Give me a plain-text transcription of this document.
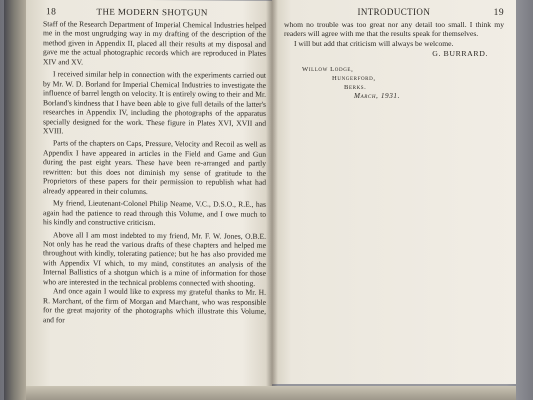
18	THE MODERN SHOTGUN

Staff of the Research Department of Imperial Chemical Industries helped me in the most ungrudging way in my drafting of the description of the method given in Appendix II, placed all their results at my disposal and gave me the actual photographic records which are reproduced in Plates XIV and XV.

I received similar help in connection with the experiments carried out by Mr. W. D. Borland for Imperial Chemical Industries to investigate the influence of barrel length on velocity. It is entirely owing to their and Mr. Borland's kindness that I have been able to give full details of the latter's researches in Appendix IV, including the photographs of the apparatus specially designed for the work. These figure in Plates XVI, XVII and XVIII.

Parts of the chapters on Caps, Pressure, Velocity and Recoil as well as Appendix I have appeared in articles in the Field and Game and Gun during the past eight years. These have been re-arranged and partly rewritten: but this does not diminish my sense of gratitude to the Proprietors of these papers for their permission to republish what had already appeared in their columns.

My friend, Lieutenant-Colonel Philip Neame, V.C., D.S.O., R.E., has again had the patience to read through this Volume, and I owe much to his kindly and constructive criticism.

Above all I am most indebted to my friend, Mr. F. W. Jones, O.B.E. Not only has he read the various drafts of these chapters and helped me throughout with kindly, tolerating patience; but he has also provided me with Appendix VI which, to my mind, constitutes an analysis of the Internal Ballistics of a shotgun which is a mine of information for those who are interested in the technical problems connected with shooting.

And once again I would like to express my grateful thanks to Mr. H. R. Marchant, of the firm of Morgan and Marchant, who was responsible for the great majority of the photographs which illustrate this Volume, and for

INTRODUCTION	19

whom no trouble was too great nor any detail too small. I think my readers will agree with me that the results speak for themselves.

I will but add that criticism will always be welcome.

G. BURRARD.
Willow Lodge,
Hungerford,
Berks.
March, 1931.
